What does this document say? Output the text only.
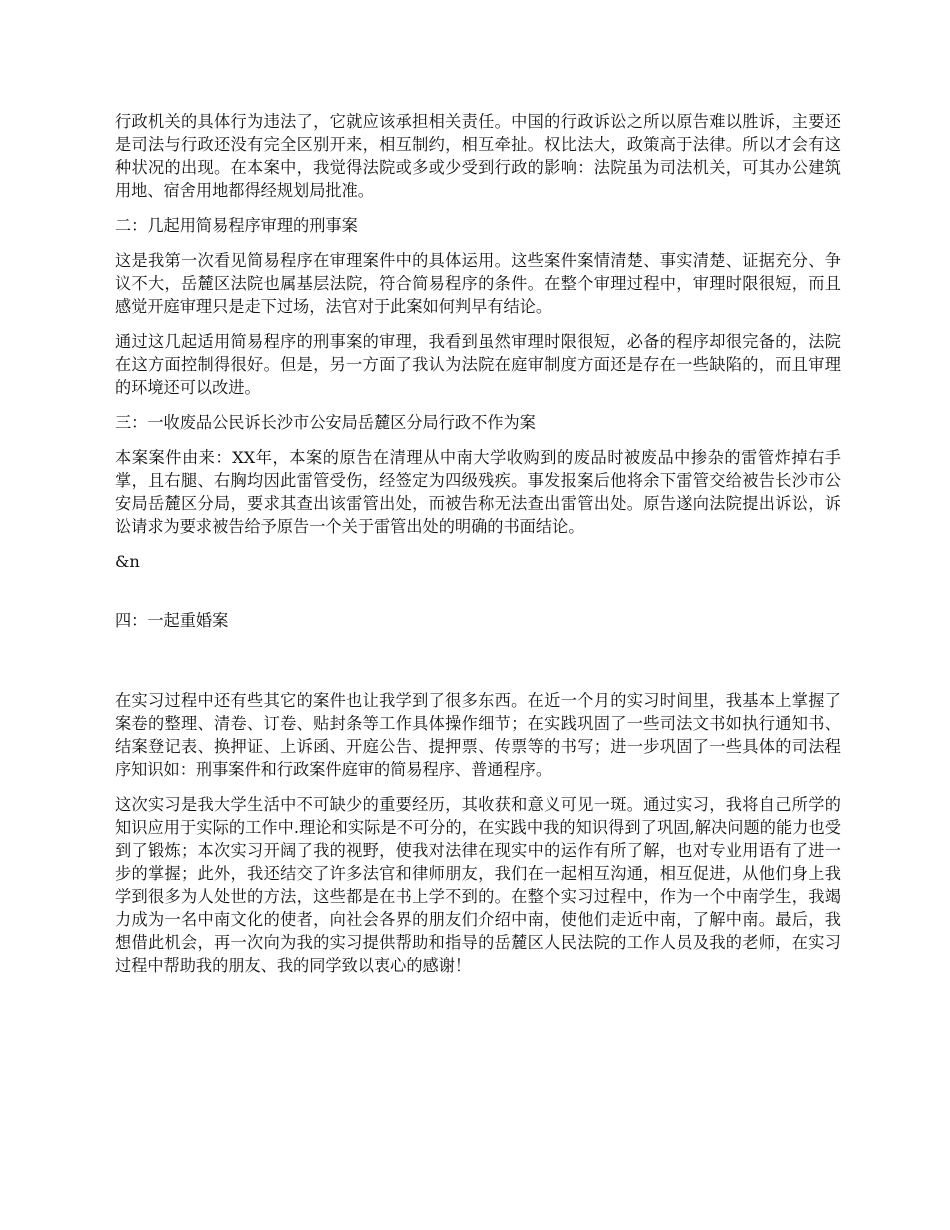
行政机关的具体行为违法了，它就应该承担相关责任。中国的行政诉讼之所以原告难以胜诉，主要还是司法与行政还没有完全区别开来，相互制约，相互牵扯。权比法大，政策高于法律。所以才会有这种状况的出现。在本案中，我觉得法院或多或少受到行政的影响：法院虽为司法机关，可其办公建筑用地、宿舍用地都得经规划局批准。

二：几起用简易程序审理的刑事案

这是我第一次看见简易程序在审理案件中的具体运用。这些案件案情清楚、事实清楚、证据充分、争议不大，岳麓区法院也属基层法院，符合简易程序的条件。在整个审理过程中，审理时限很短，而且感觉开庭审理只是走下过场，法官对于此案如何判早有结论。

通过这几起适用简易程序的刑事案的审理，我看到虽然审理时限很短，必备的程序却很完备的，法院在这方面控制得很好。但是，另一方面了我认为法院在庭审制度方面还是存在一些缺陷的，而且审理的环境还可以改进。

三：一收废品公民诉长沙市公安局岳麓区分局行政不作为案

本案案件由来：XX年，本案的原告在清理从中南大学收购到的废品时被废品中掺杂的雷管炸掉右手掌，且右腿、右胸均因此雷管受伤，经签定为四级残疾。事发报案后他将余下雷管交给被告长沙市公安局岳麓区分局，要求其查出该雷管出处，而被告称无法查出雷管出处。原告遂向法院提出诉讼，诉讼请求为要求被告给予原告一个关于雷管出处的明确的书面结论。

&n

四：一起重婚案

在实习过程中还有些其它的案件也让我学到了很多东西。在近一个月的实习时间里，我基本上掌握了案卷的整理、清卷、订卷、贴封条等工作具体操作细节；在实践巩固了一些司法文书如执行通知书、结案登记表、换押证、上诉函、开庭公告、提押票、传票等的书写；进一步巩固了一些具体的司法程序知识如：刑事案件和行政案件庭审的简易程序、普通程序。

这次实习是我大学生活中不可缺少的重要经历，其收获和意义可见一斑。通过实习，我将自己所学的知识应用于实际的工作中.理论和实际是不可分的，在实践中我的知识得到了巩固,解决问题的能力也受到了锻炼；本次实习开阔了我的视野，使我对法律在现实中的运作有所了解，也对专业用语有了进一步的掌握；此外，我还结交了许多法官和律师朋友，我们在一起相互沟通，相互促进，从他们身上我学到很多为人处世的方法，这些都是在书上学不到的。在整个实习过程中，作为一个中南学生，我竭力成为一名中南文化的使者，向社会各界的朋友们介绍中南，使他们走近中南，了解中南。最后，我想借此机会，再一次向为我的实习提供帮助和指导的岳麓区人民法院的工作人员及我的老师，在实习过程中帮助我的朋友、我的同学致以衷心的感谢！
